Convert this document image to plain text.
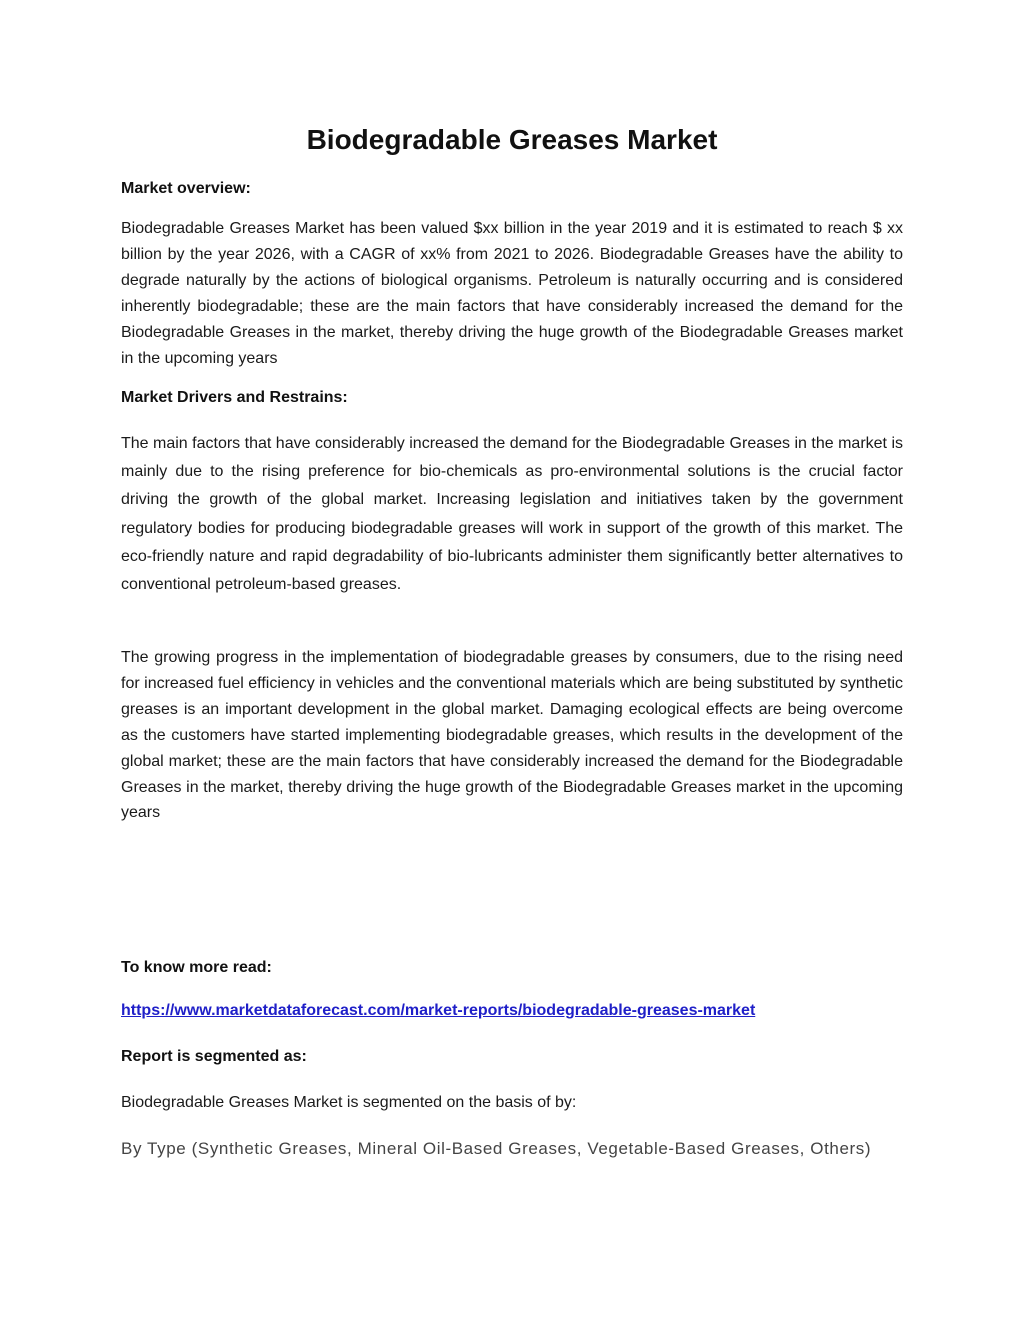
Biodegradable Greases Market
Market overview:

Biodegradable Greases Market has been valued $xx billion in the year 2019 and it is estimated to reach $ xx billion by the year 2026, with a CAGR of xx% from 2021 to 2026. Biodegradable Greases have the ability to degrade naturally by the actions of biological organisms. Petroleum is naturally occurring and is considered inherently biodegradable; these are the main factors that have considerably increased the demand for the Biodegradable Greases in the market, thereby driving the huge growth of the Biodegradable Greases market in the upcoming years

Market Drivers and Restrains:

The main factors that have considerably increased the demand for the Biodegradable Greases in the market is mainly due to the rising preference for bio-chemicals as pro-environmental solutions is the crucial factor driving the growth of the global market. Increasing legislation and initiatives taken by the government regulatory bodies for producing biodegradable greases will work in support of the growth of this market. The eco-friendly nature and rapid degradability of bio-lubricants administer them significantly better alternatives to conventional petroleum-based greases.

The growing progress in the implementation of biodegradable greases by consumers, due to the rising need for increased fuel efficiency in vehicles and the conventional materials which are being substituted by synthetic greases is an important development in the global market. Damaging ecological effects are being overcome as the customers have started implementing biodegradable greases, which results in the development of the global market; these are the main factors that have considerably increased the demand for the Biodegradable Greases in the market, thereby driving the huge growth of the Biodegradable Greases market in the upcoming years

To know more read:
https://www.marketdataforecast.com/market-reports/biodegradable-greases-market
Report is segmented as:
Biodegradable Greases Market is segmented on the basis of by:

By Type (Synthetic Greases, Mineral Oil-Based Greases, Vegetable-Based Greases, Others)
